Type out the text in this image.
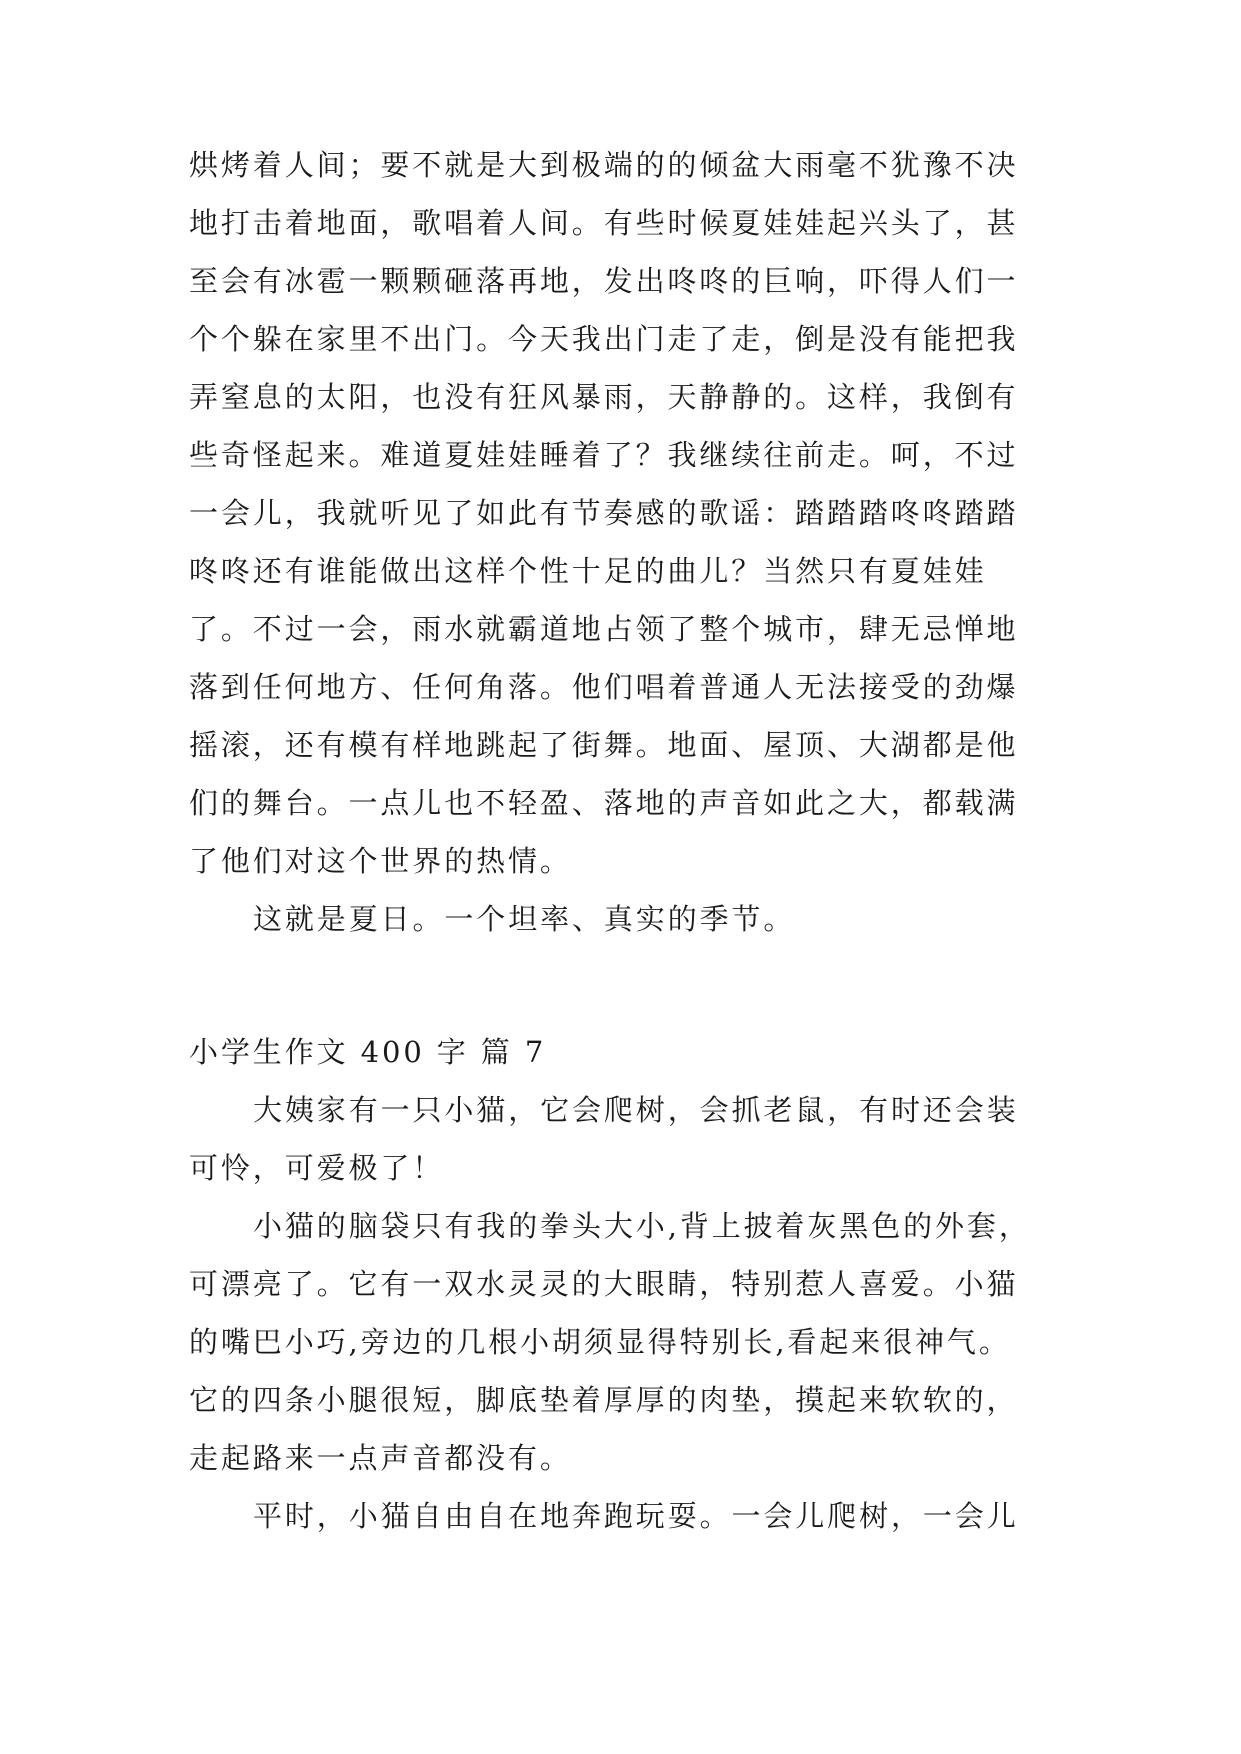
烘烤着人间；要不就是大到极端的的倾盆大雨毫不犹豫不决
地打击着地面，歌唱着人间。有些时候夏娃娃起兴头了，甚
至会有冰雹一颗颗砸落再地，发出咚咚的巨响，吓得人们一
个个躲在家里不出门。今天我出门走了走，倒是没有能把我
弄窒息的太阳，也没有狂风暴雨，天静静的。这样，我倒有
些奇怪起来。难道夏娃娃睡着了？我继续往前走。呵，不过
一会儿，我就听见了如此有节奏感的歌谣：踏踏踏咚咚踏踏
咚咚还有谁能做出这样个性十足的曲儿？当然只有夏娃娃
了。不过一会，雨水就霸道地占领了整个城市，肆无忌惮地
落到任何地方、任何角落。他们唱着普通人无法接受的劲爆
摇滚，还有模有样地跳起了街舞。地面、屋顶、大湖都是他
们的舞台。一点儿也不轻盈、落地的声音如此之大，都载满
了他们对这个世界的热情。
这就是夏日。一个坦率、真实的季节。
小学生作文 400 字 篇 7
大姨家有一只小猫，它会爬树，会抓老鼠，有时还会装
可怜，可爱极了！
小猫的脑袋只有我的拳头大小,背上披着灰黑色的外套，
可漂亮了。它有一双水灵灵的大眼睛，特别惹人喜爱。小猫
的嘴巴小巧,旁边的几根小胡须显得特别长,看起来很神气。
它的四条小腿很短，脚底垫着厚厚的肉垫，摸起来软软的，
走起路来一点声音都没有。
平时，小猫自由自在地奔跑玩耍。一会儿爬树，一会儿
